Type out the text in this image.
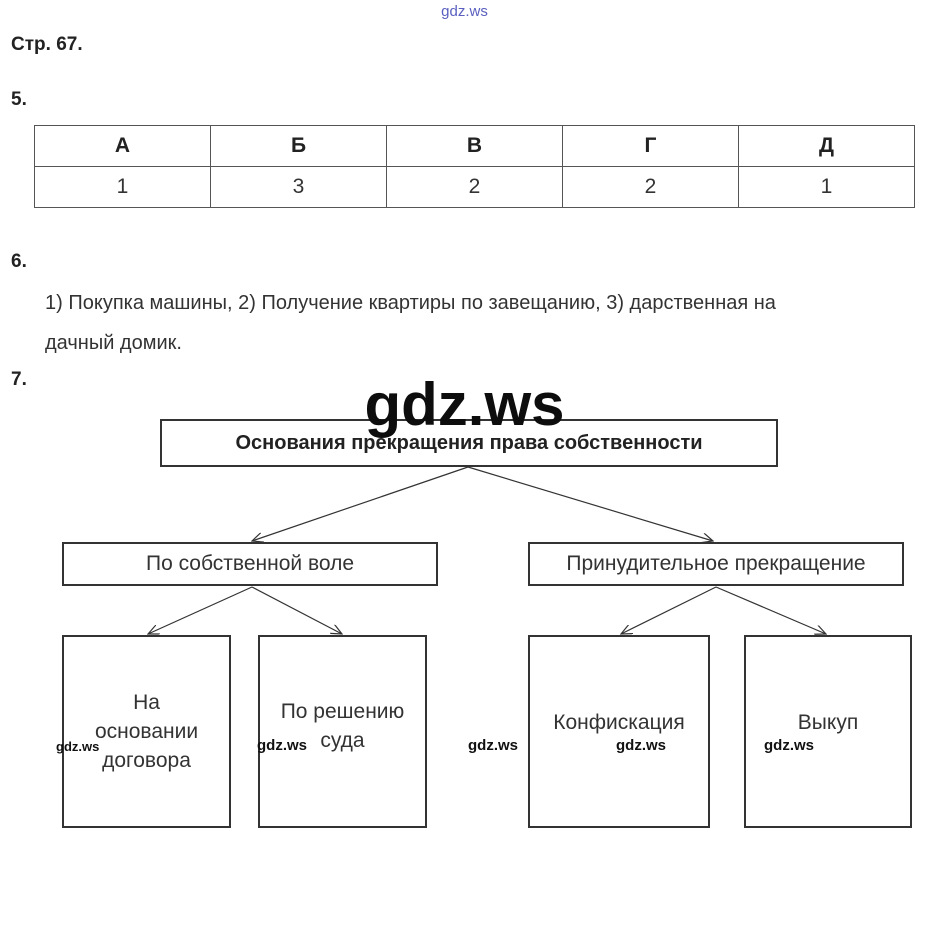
gdz.ws
Стр. 67.
5.
А	Б	В	Г	Д
1	3	2	2	1
6.
1) Покупка машины, 2) Получение квартиры по завещанию, 3) дарственная на
дачный домик.
7.
Основания прекращения права собственности
gdz.ws
По собственной воле	Принудительное прекращение
На
основании
договора
По решению
суда
Конфискация	Выкуп
gdz.ws	gdz.ws	gdz.ws	gdz.ws	gdz.ws
